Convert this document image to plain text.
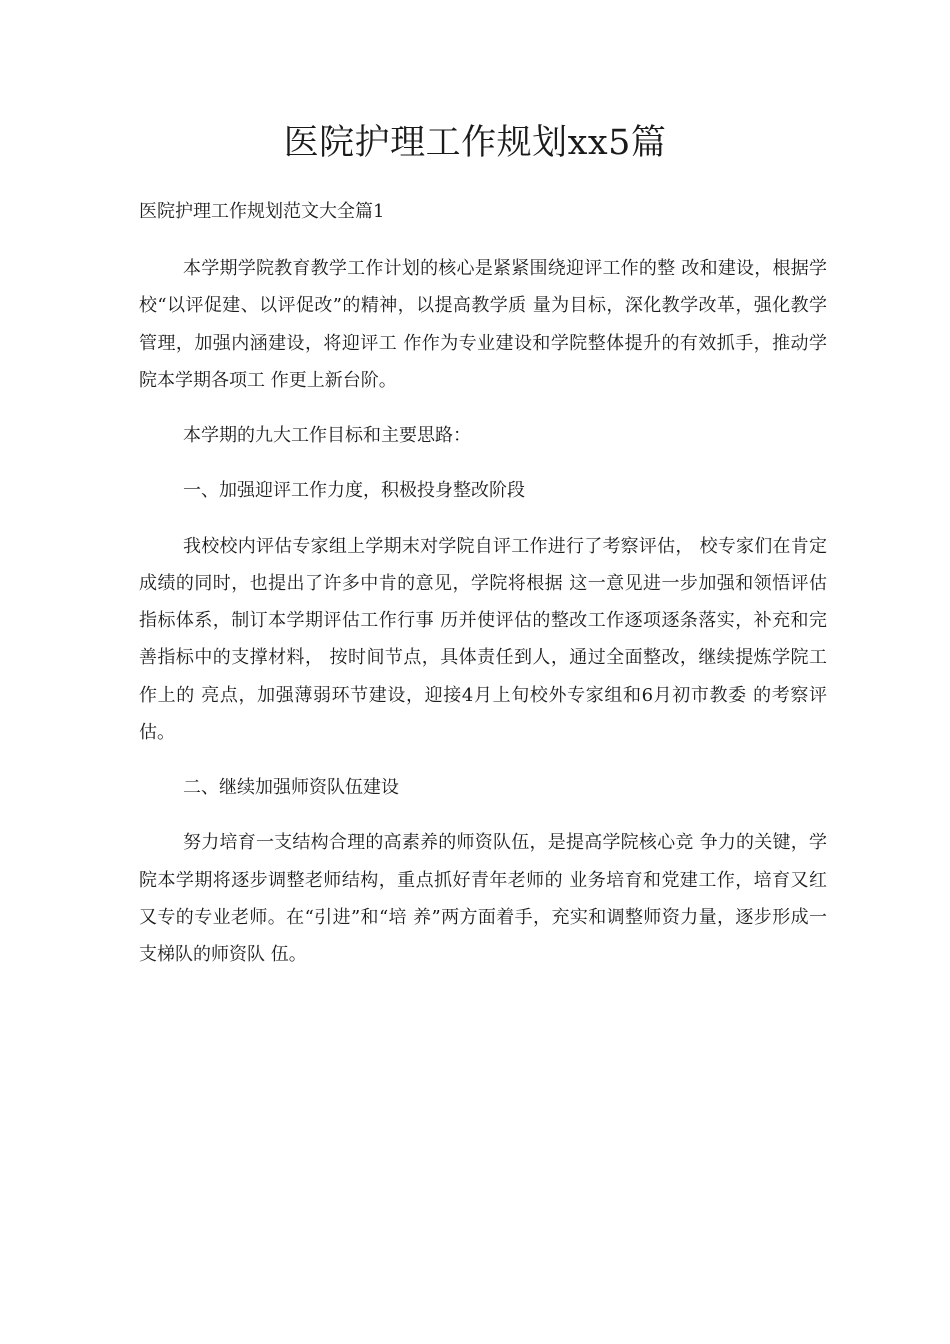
医院护理工作规划xx5篇
医院护理工作规划范文大全篇1

本学期学院教育教学工作计划的核心是紧紧围绕迎评工作的整 改和建设，根据学校“以评促建、以评促改”的精神，以提高教学质 量为目标，深化教学改革，强化教学管理，加强内涵建设，将迎评工 作作为专业建设和学院整体提升的有效抓手，推动学院本学期各项工 作更上新台阶。

本学期的九大工作目标和主要思路：

一、加强迎评工作力度，积极投身整改阶段

我校校内评估专家组上学期末对学院自评工作进行了考察评估， 校专家们在肯定成绩的同时，也提出了许多中肯的意见，学院将根据 这一意见进一步加强和领悟评估指标体系，制订本学期评估工作行事 历并使评估的整改工作逐项逐条落实，补充和完善指标中的支撑材料， 按时间节点，具体责任到人，通过全面整改，继续提炼学院工作上的 亮点，加强薄弱环节建设，迎接4月上旬校外专家组和6月初市教委 的考察评估。

二、继续加强师资队伍建设

努力培育一支结构合理的高素养的师资队伍，是提高学院核心竞 争力的关键，学院本学期将逐步调整老师结构，重点抓好青年老师的 业务培育和党建工作，培育又红又专的专业老师。在“引进”和“培 养”两方面着手，充实和调整师资力量，逐步形成一支梯队的师资队 伍。
